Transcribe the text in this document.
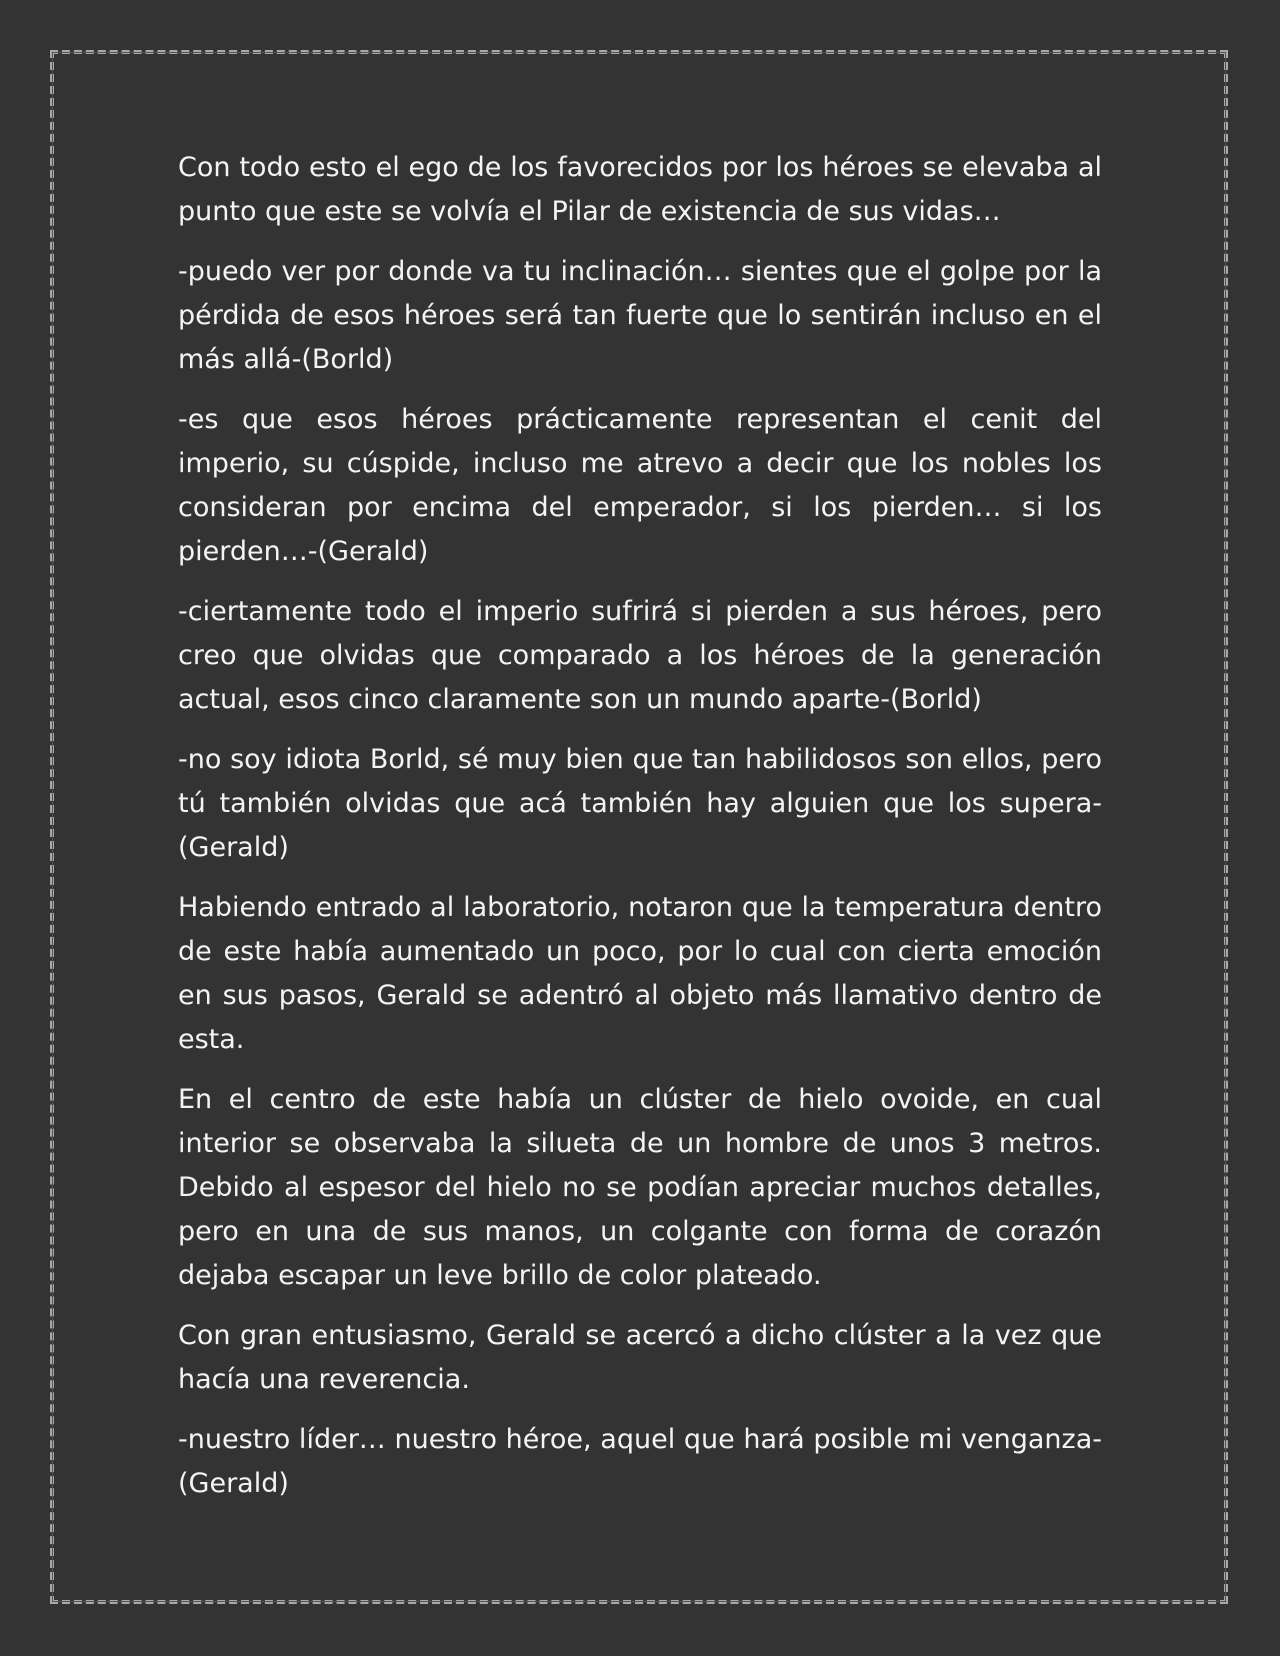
Con todo esto el ego de los favorecidos por los héroes se elevaba al punto que este se volvía el Pilar de existencia de sus vidas…

-puedo ver por donde va tu inclinación… sientes que el golpe por la pérdida de esos héroes será tan fuerte que lo sentirán incluso en el más allá-(Borld)

-es que esos héroes prácticamente representan el cenit del imperio, su cúspide, incluso me atrevo a decir que los nobles los consideran por encima del emperador, si los pierden… si los pierden…-(Gerald)

-ciertamente todo el imperio sufrirá si pierden a sus héroes, pero creo que olvidas que comparado a los héroes de la generación actual, esos cinco claramente son un mundo aparte-(Borld)

-no soy idiota Borld, sé muy bien que tan habilidosos son ellos, pero tú también olvidas que acá también hay alguien que los supera-(Gerald)

Habiendo entrado al laboratorio, notaron que la temperatura dentro de este había aumentado un poco, por lo cual con cierta emoción en sus pasos, Gerald se adentró al objeto más llamativo dentro de esta.

En el centro de este había un clúster de hielo ovoide, en cual interior se observaba la silueta de un hombre de unos 3 metros. Debido al espesor del hielo no se podían apreciar muchos detalles, pero en una de sus manos, un colgante con forma de corazón dejaba escapar un leve brillo de color plateado.

Con gran entusiasmo, Gerald se acercó a dicho clúster a la vez que hacía una reverencia.

-nuestro líder… nuestro héroe, aquel que hará posible mi venganza-(Gerald)
